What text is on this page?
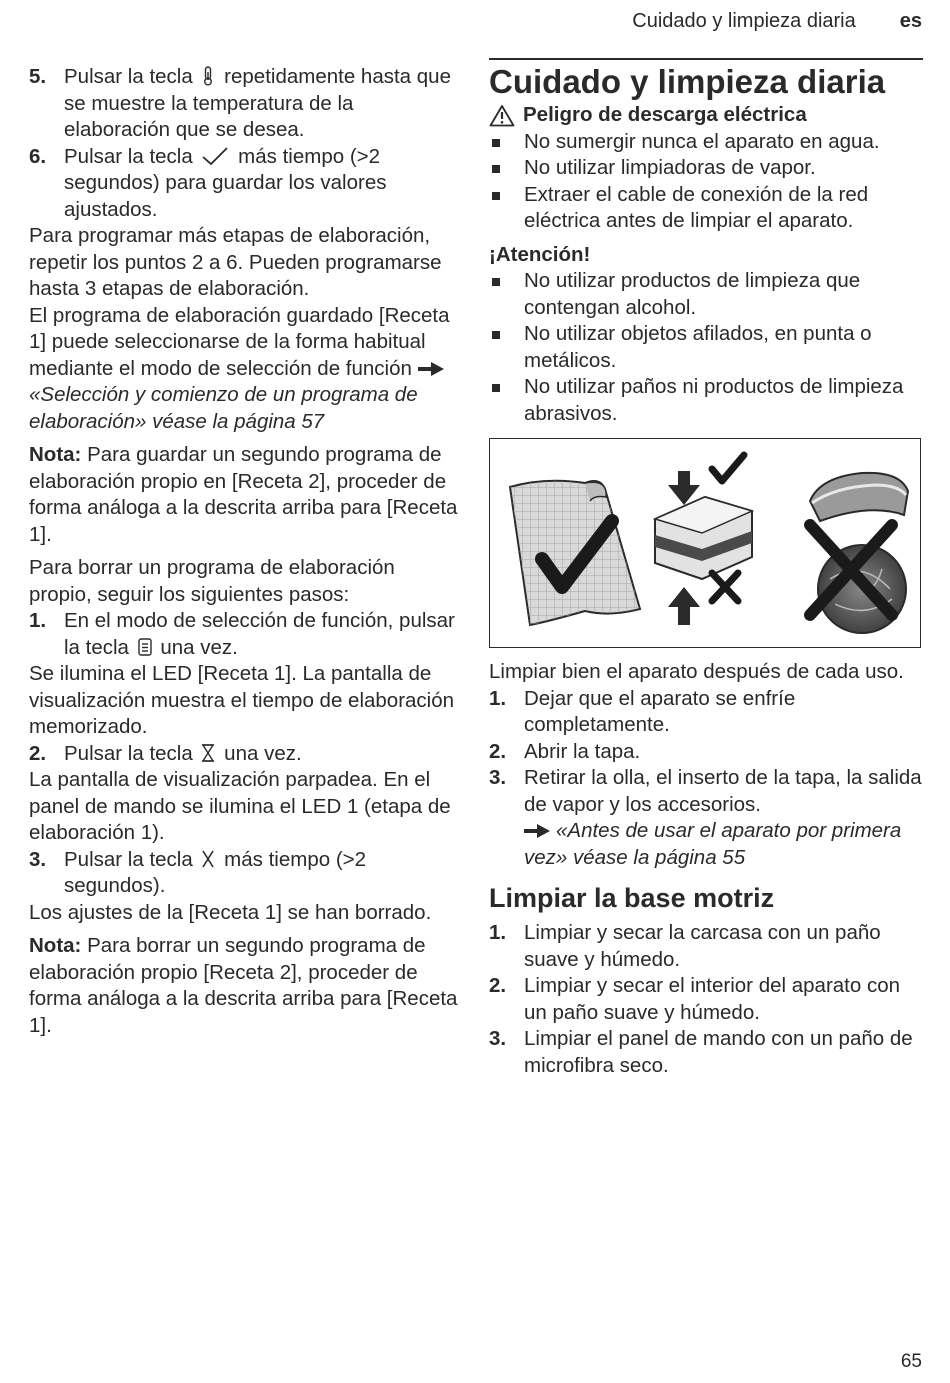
Cuidado y limpieza diaria es
5. Pulsar la tecla repetidamente hasta que se muestre la temperatura de la elaboración que se desea.
6. Pulsar la tecla más tiempo (>2 segundos) para guardar los valores ajustados.

Para programar más etapas de elaboración, repetir los puntos 2 a 6. Pueden programarse hasta 3 etapas de elaboración.

El programa de elaboración guardado [Receta 1] puede seleccionarse de la forma habitual mediante el modo de selección de función «Selección y comienzo de un programa de elaboración» véase la página 57

Nota: Para guardar un segundo programa de elaboración propio en [Receta 2], proceder de forma análoga a la descrita arriba para [Receta 1].

Para borrar un programa de elaboración propio, seguir los siguientes pasos:

1. En el modo de selección de función, pulsar la tecla una vez.

Se ilumina el LED [Receta 1]. La pantalla de visualización muestra el tiempo de elaboración memorizado.

2. Pulsar la tecla una vez.

La pantalla de visualización parpadea. En el panel de mando se ilumina el LED 1 (etapa de elaboración 1).

3. Pulsar la tecla más tiempo (>2 segundos).

Los ajustes de la [Receta 1] se han borrado.

Nota: Para borrar un segundo programa de elaboración propio [Receta 2], proceder de forma análoga a la descrita arriba para [Receta 1].

Cuidado y limpieza diaria
Peligro de descarga eléctrica
No sumergir nunca el aparato en agua.
No utilizar limpiadoras de vapor.
Extraer el cable de conexión de la red eléctrica antes de limpiar el aparato.
¡Atención!
No utilizar productos de limpieza que contengan alcohol.
No utilizar objetos afilados, en punta o metálicos.
No utilizar paños ni productos de limpieza abrasivos.

Limpiar bien el aparato después de cada uso.

1. Dejar que el aparato se enfríe completamente.
2. Abrir la tapa.
3. Retirar la olla, el inserto de la tapa, la salida de vapor y los accesorios.
«Antes de usar el aparato por primera vez» véase la página 55
Limpiar la base motriz
1. Limpiar y secar la carcasa con un paño suave y húmedo.
2. Limpiar y secar el interior del aparato con un paño suave y húmedo.
3. Limpiar el panel de mando con un paño de microfibra seco.
65
